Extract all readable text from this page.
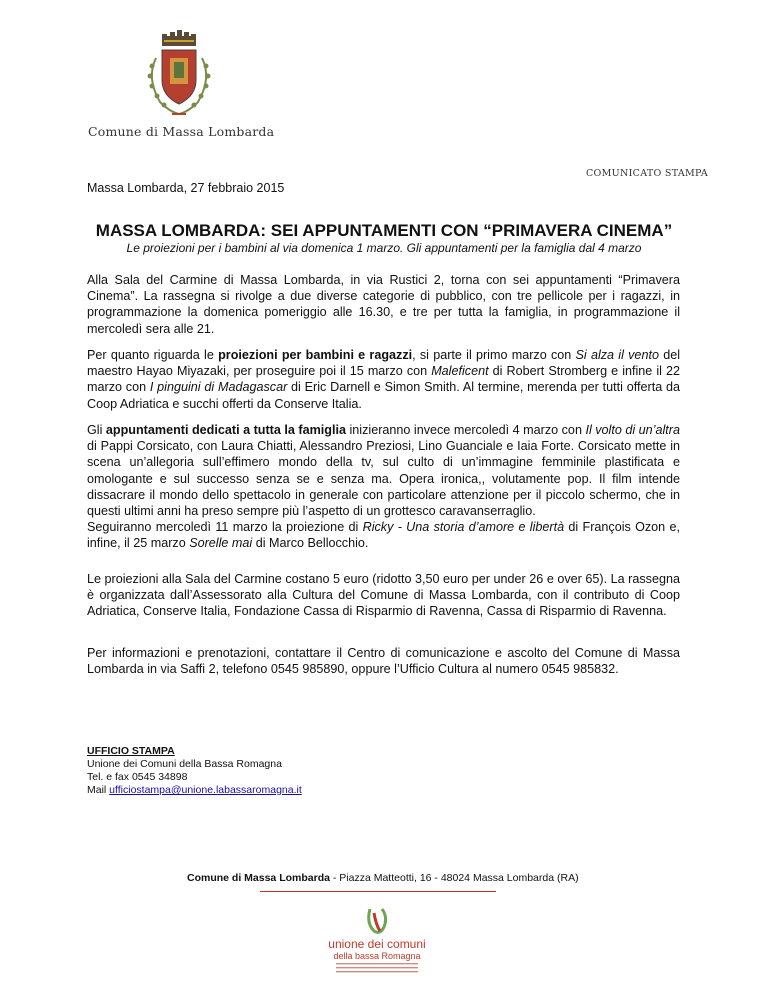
Comune di Massa Lombarda
COMUNICATO STAMPA
Massa Lombarda, 27 febbraio 2015
MASSA LOMBARDA: SEI APPUNTAMENTI CON “PRIMAVERA CINEMA”
Le proiezioni per i bambini al via domenica 1 marzo. Gli appuntamenti per la famiglia dal 4 marzo

Alla Sala del Carmine di Massa Lombarda, in via Rustici 2, torna con sei appuntamenti “Primavera Cinema”. La rassegna si rivolge a due diverse categorie di pubblico, con tre pellicole per i ragazzi, in programmazione la domenica pomeriggio alle 16.30, e tre per tutta la famiglia, in programmazione il mercoledì sera alle 21.

Per quanto riguarda le proiezioni per bambini e ragazzi, si parte il primo marzo con Si alza il vento del maestro Hayao Miyazaki, per proseguire poi il 15 marzo con Maleficent di Robert Stromberg e infine il 22 marzo con I pinguini di Madagascar di Eric Darnell e Simon Smith. Al termine, merenda per tutti offerta da Coop Adriatica e succhi offerti da Conserve Italia.

Gli appuntamenti dedicati a tutta la famiglia inizieranno invece mercoledì 4 marzo con Il volto di un’altra di Pappi Corsicato, con Laura Chiatti, Alessandro Preziosi, Lino Guanciale e Iaia Forte. Corsicato mette in scena un’allegoria sull’effimero mondo della tv, sul culto di un’immagine femminile plastificata e omologante e sul successo senza se e senza ma. Opera ironica,, volutamente pop. Il film intende dissacrare il mondo dello spettacolo in generale con particolare attenzione per il piccolo schermo, che in questi ultimi anni ha preso sempre più l’aspetto di un grottesco caravanserraglio.

Seguiranno mercoledì 11 marzo la proiezione di Ricky - Una storia d’amore e libertà di François Ozon e, infine, il 25 marzo Sorelle mai di Marco Bellocchio.

Le proiezioni alla Sala del Carmine costano 5 euro (ridotto 3,50 euro per under 26 e over 65). La rassegna è organizzata dall’Assessorato alla Cultura del Comune di Massa Lombarda, con il contributo di Coop Adriatica, Conserve Italia, Fondazione Cassa di Risparmio di Ravenna, Cassa di Risparmio di Ravenna.

Per informazioni e prenotazioni, contattare il Centro di comunicazione e ascolto del Comune di Massa Lombarda in via Saffi 2, telefono 0545 985890, oppure l’Ufficio Cultura al numero 0545 985832.

UFFICIO STAMPA
Unione dei Comuni della Bassa Romagna
Tel. e fax 0545 34898
Mail ufficiostampa@unione.labassaromagna.it
Comune di Massa Lombarda - Piazza Matteotti, 16 - 48024 Massa Lombarda (RA)
unione dei comuni
della bassa Romagna
